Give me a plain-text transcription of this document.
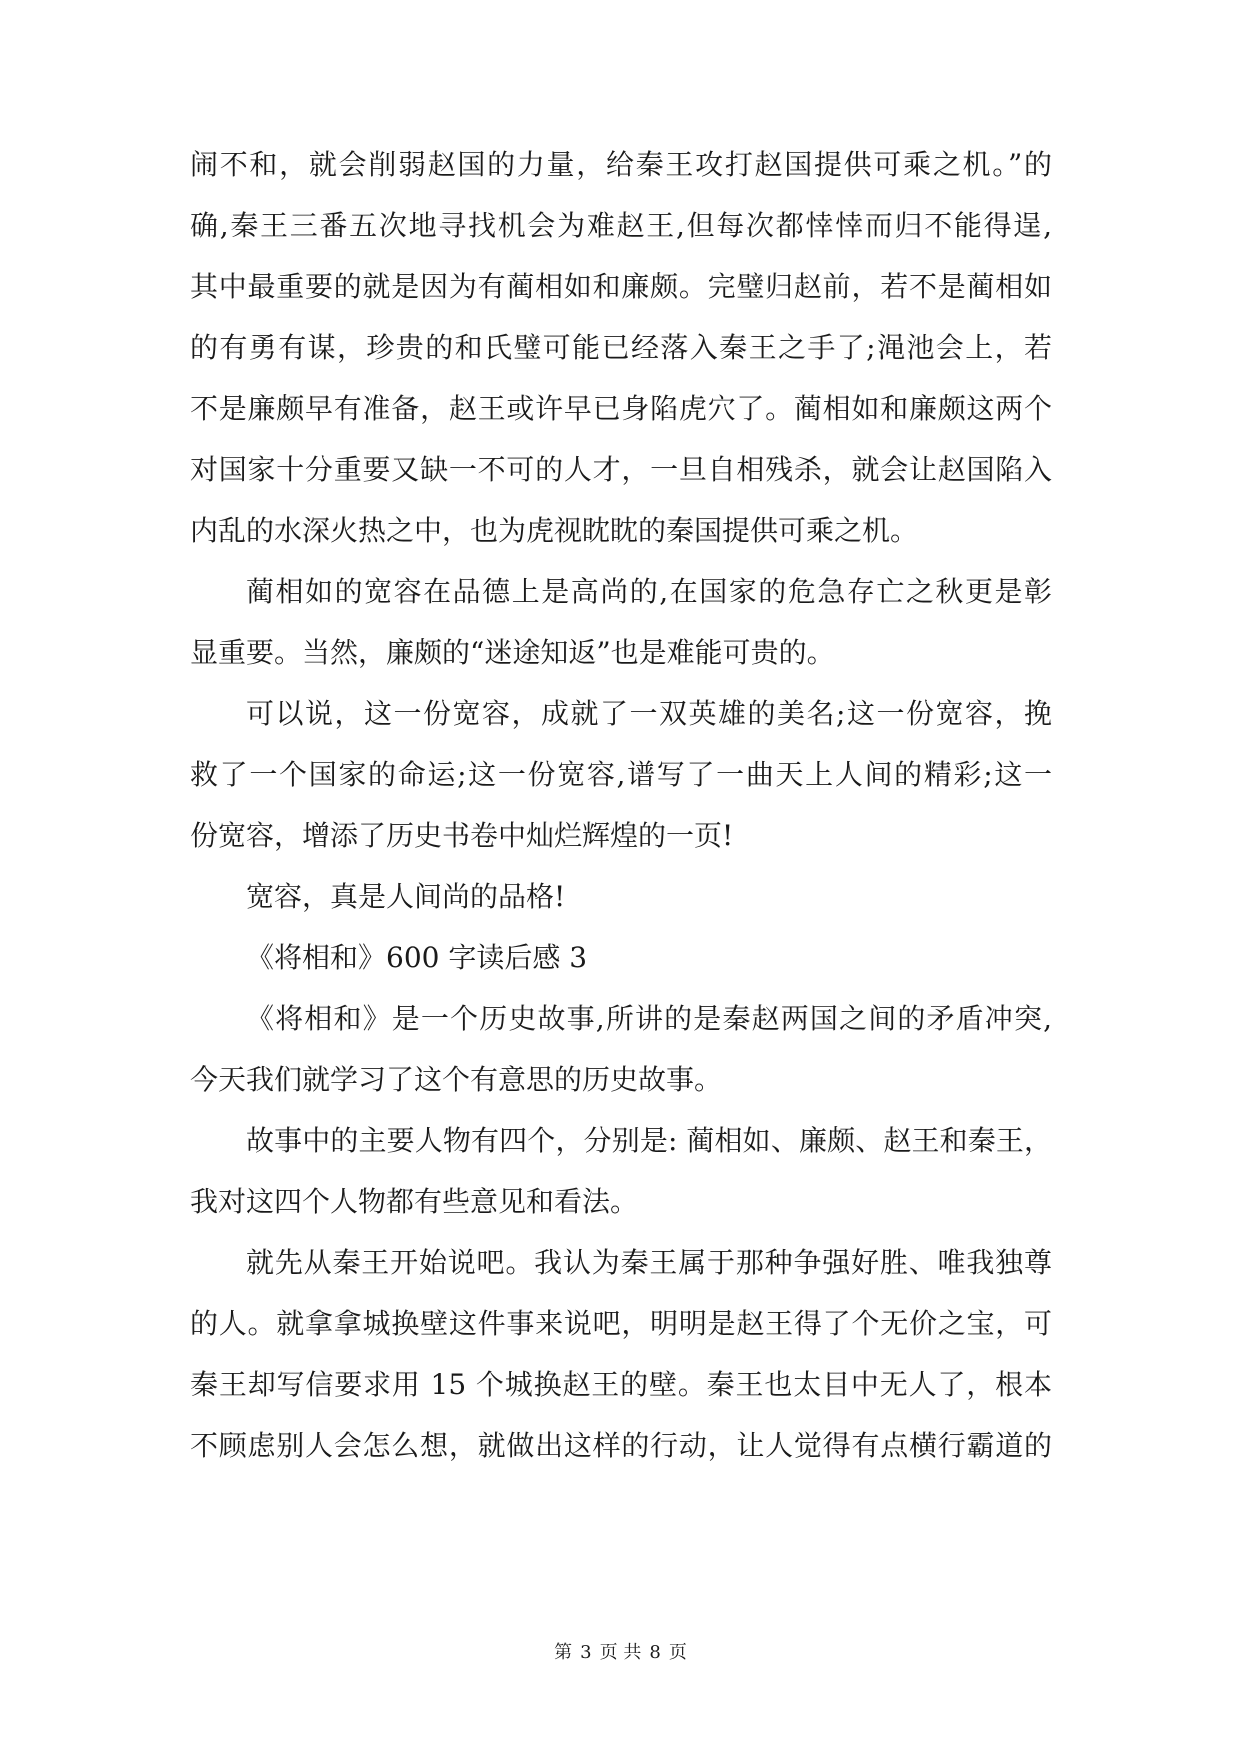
闹不和，就会削弱赵国的力量，给秦王攻打赵国提供可乘之机。”的
确,秦王三番五次地寻找机会为难赵王,但每次都悻悻而归不能得逞,
其中最重要的就是因为有蔺相如和廉颇。完璧归赵前，若不是蔺相如
的有勇有谋，珍贵的和氏璧可能已经落入秦王之手了;渑池会上，若
不是廉颇早有准备，赵王或许早已身陷虎穴了。蔺相如和廉颇这两个
对国家十分重要又缺一不可的人才，一旦自相残杀，就会让赵国陷入
内乱的水深火热之中，也为虎视眈眈的秦国提供可乘之机。
蔺相如的宽容在品德上是高尚的,在国家的危急存亡之秋更是彰
显重要。当然，廉颇的“迷途知返”也是难能可贵的。
可以说，这一份宽容，成就了一双英雄的美名;这一份宽容，挽
救了一个国家的命运;这一份宽容,谱写了一曲天上人间的精彩;这一
份宽容，增添了历史书卷中灿烂辉煌的一页!
宽容，真是人间尚的品格!
《将相和》600 字读后感 3
《将相和》是一个历史故事,所讲的是秦赵两国之间的矛盾冲突,
今天我们就学习了这个有意思的历史故事。
故事中的主要人物有四个，分别是: 蔺相如、廉颇、赵王和秦王，
我对这四个人物都有些意见和看法。
就先从秦王开始说吧。我认为秦王属于那种争强好胜、唯我独尊
的人。就拿拿城换壁这件事来说吧，明明是赵王得了个无价之宝，可
秦王却写信要求用 15 个城换赵王的壁。秦王也太目中无人了，根本
不顾虑别人会怎么想，就做出这样的行动，让人觉得有点横行霸道的
第 3 页 共 8 页
